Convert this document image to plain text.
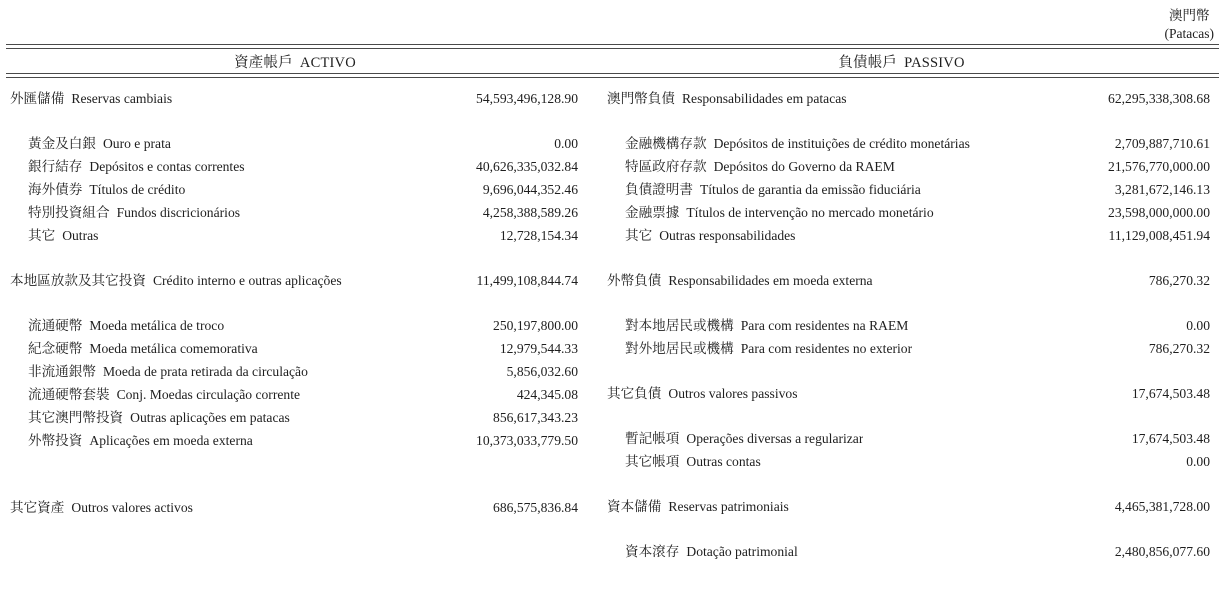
澳門幣
(Patacas)
資產帳戶 ACTIVO	負債帳戶 PASSIVO
外匯儲備 Reservas cambiais	54,593,496,128.90
黃金及白銀 Ouro e prata	0.00
銀行結存 Depósitos e contas correntes	40,626,335,032.84
海外債券 Títulos de crédito	9,696,044,352.46
特別投資組合 Fundos discricionários	4,258,388,589.26
其它 Outras	12,728,154.34
本地區放款及其它投資 Crédito interno e outras aplicações	11,499,108,844.74
流通硬幣 Moeda metálica de troco	250,197,800.00
紀念硬幣 Moeda metálica comemorativa	12,979,544.33
非流通銀幣 Moeda de prata retirada da circulação	5,856,032.60
流通硬幣套裝 Conj. Moedas circulação corrente	424,345.08
其它澳門幣投資 Outras aplicações em patacas	856,617,343.23
外幣投資 Aplicações em moeda externa	10,373,033,779.50
其它資產 Outros valores activos	686,575,836.84
澳門幣負債 Responsabilidades em patacas	62,295,338,308.68
金融機構存款 Depósitos de instituições de crédito monetárias	2,709,887,710.61
特區政府存款 Depósitos do Governo da RAEM	21,576,770,000.00
負債證明書 Títulos de garantia da emissão fiduciária	3,281,672,146.13
金融票據 Títulos de intervenção no mercado monetário	23,598,000,000.00
其它 Outras responsabilidades	11,129,008,451.94
外幣負債 Responsabilidades em moeda externa	786,270.32
對本地居民或機構 Para com residentes na RAEM	0.00
對外地居民或機構 Para com residentes no exterior	786,270.32
其它負債 Outros valores passivos	17,674,503.48
暫記帳項 Operações diversas a regularizar	17,674,503.48
其它帳項 Outras contas	0.00
資本儲備 Reservas patrimoniais	4,465,381,728.00
資本滾存 Dotação patrimonial	2,480,856,077.60
